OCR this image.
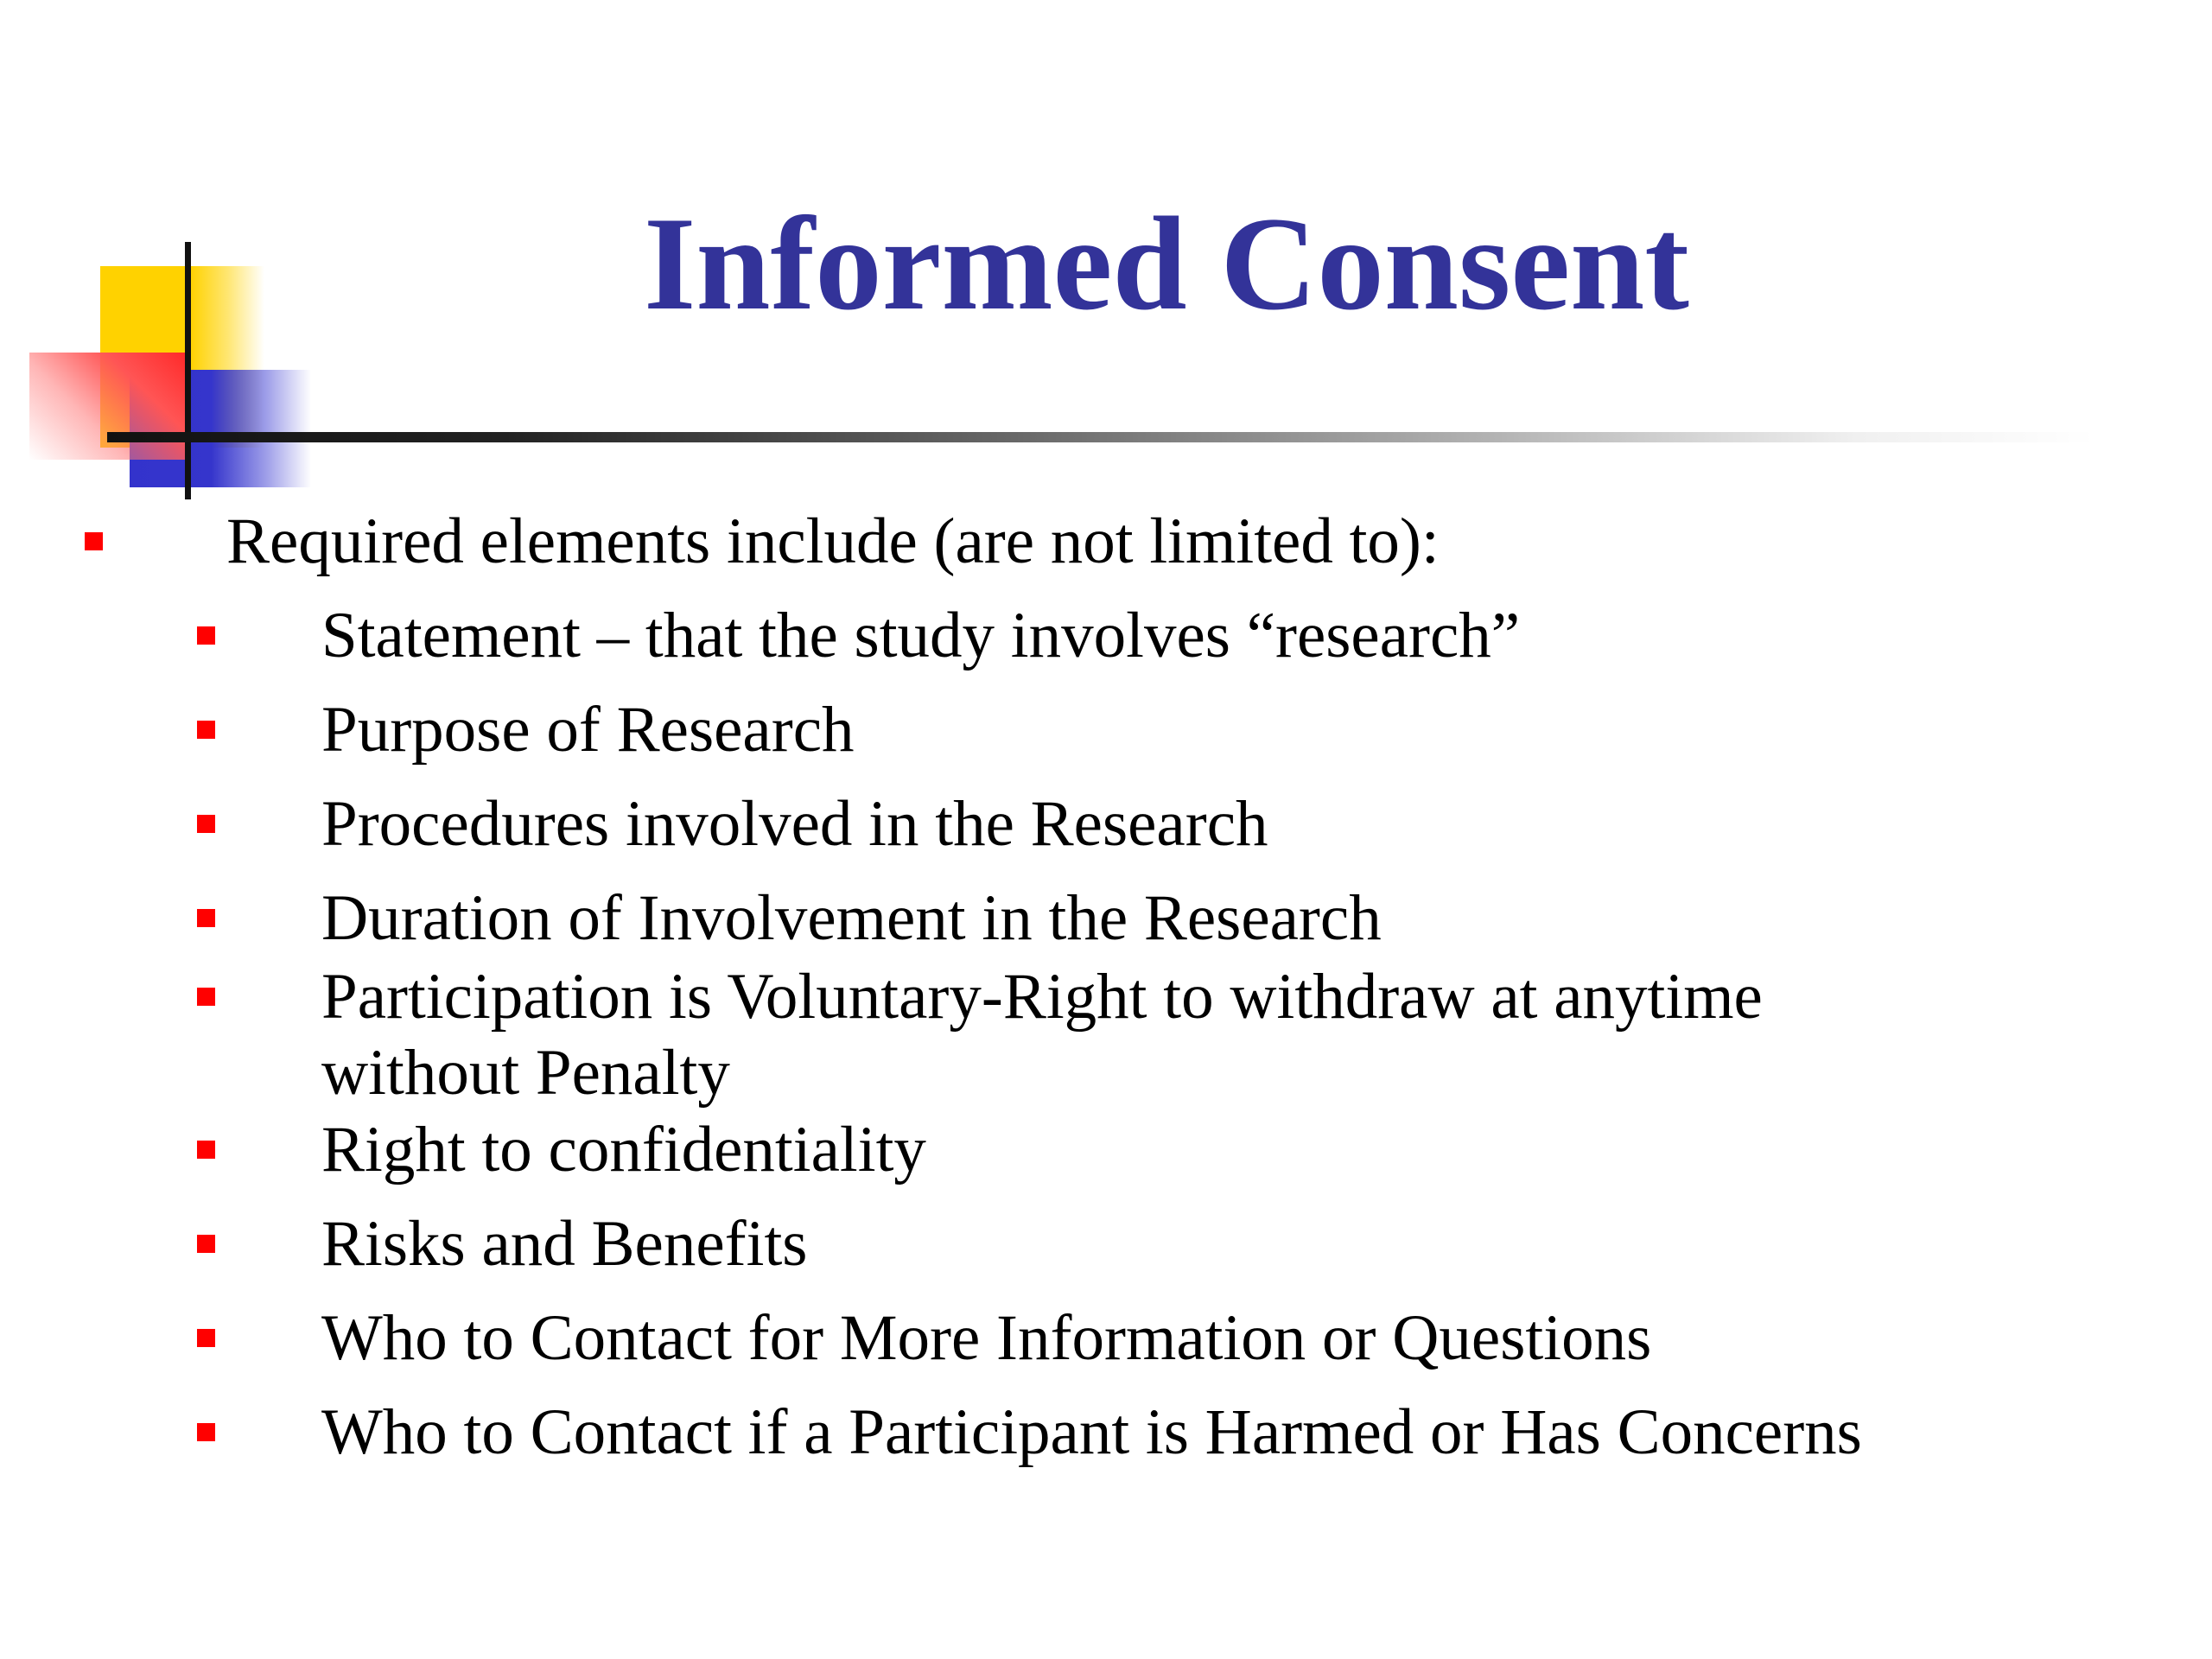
Informed Consent
Required elements include (are not limited to):
Statement – that the study involves “research”
Purpose of Research
Procedures involved in the Research
Duration of Involvement in the Research
Participation is Voluntary-Right to withdraw at anytime
without Penalty
Right to confidentiality
Risks and Benefits
Who to Contact for More Information or Questions
Who to Contact if a Participant is Harmed or Has Concerns
